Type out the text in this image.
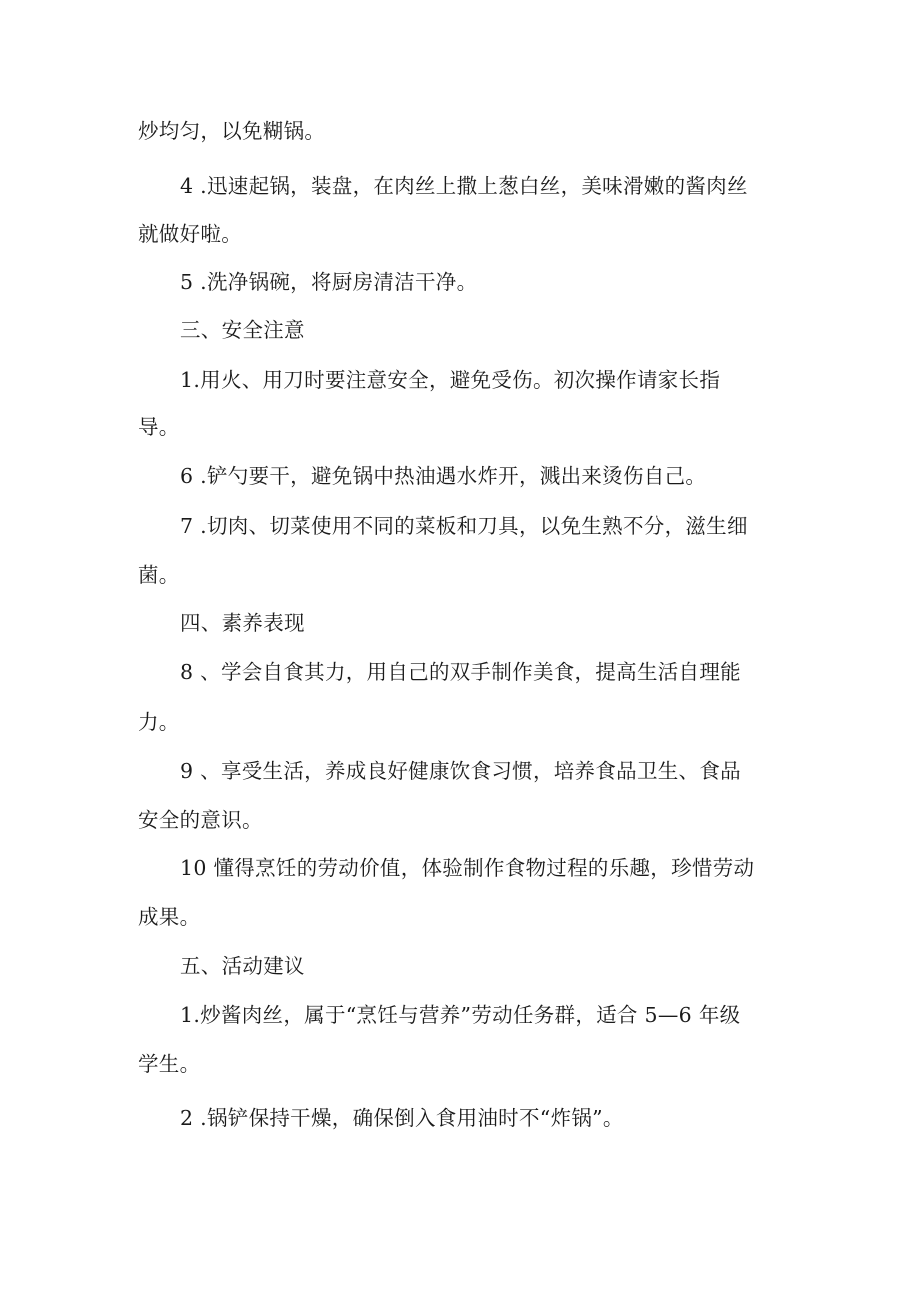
炒均匀，以免糊锅。
4 .迅速起锅，装盘，在肉丝上撒上葱白丝，美味滑嫩的酱肉丝
就做好啦。
5 .洗净锅碗，将厨房清洁干净。
三、安全注意
1.用火、用刀时要注意安全，避免受伤。初次操作请家长指
导。
6 .铲勺要干，避免锅中热油遇水炸开，溅出来烫伤自己。
7 .切肉、切菜使用不同的菜板和刀具，以免生熟不分，滋生细
菌。
四、素养表现
8 、学会自食其力，用自己的双手制作美食，提高生活自理能
力。
9 、享受生活，养成良好健康饮食习惯，培养食品卫生、食品
安全的意识。
10 懂得烹饪的劳动价值，体验制作食物过程的乐趣，珍惜劳动
成果。
五、活动建议
1.炒酱肉丝，属于“烹饪与营养”劳动任务群，适合 5—6 年级
学生。
2 .锅铲保持干燥，确保倒入食用油时不“炸锅”。
